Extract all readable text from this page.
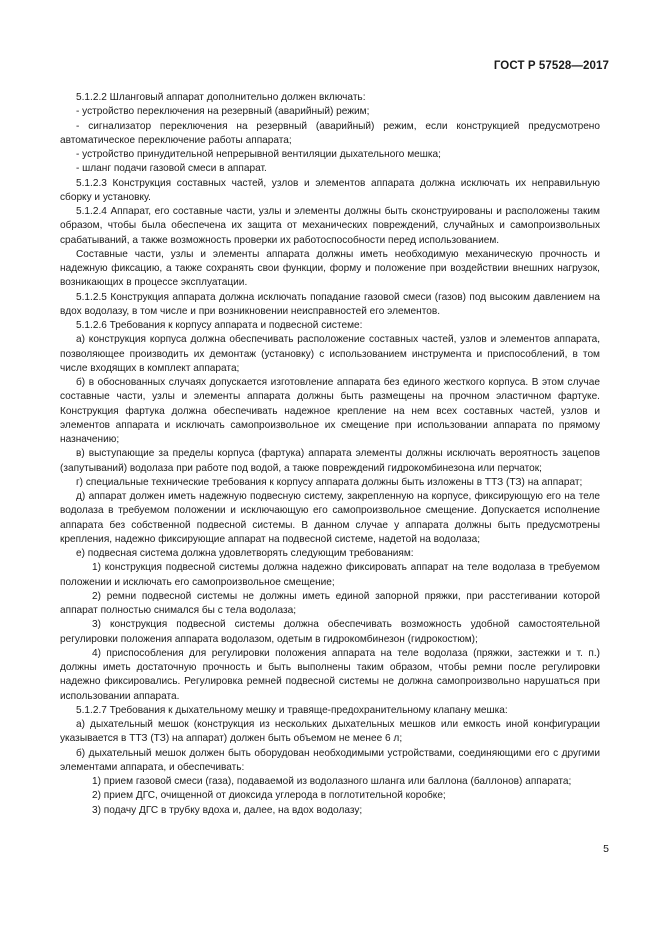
ГОСТ Р 57528—2017

5.1.2.2 Шланговый аппарат дополнительно должен включать:

- устройство переключения на резервный (аварийный) режим;

- сигнализатор переключения на резервный (аварийный) режим, если конструкцией предусмотрено автоматическое переключение работы аппарата;

- устройство принудительной непрерывной вентиляции дыхательного мешка;

- шланг подачи газовой смеси в аппарат.

5.1.2.3 Конструкция составных частей, узлов и элементов аппарата должна исключать их неправильную сборку и установку.

5.1.2.4 Аппарат, его составные части, узлы и элементы должны быть сконструированы и расположены таким образом, чтобы была обеспечена их защита от механических повреждений, случайных и самопроизвольных срабатываний, а также возможность проверки их работоспособности перед использованием.

Составные части, узлы и элементы аппарата должны иметь необходимую механическую прочность и надежную фиксацию, а также сохранять свои функции, форму и положение при воздействии внешних нагрузок, возникающих в процессе эксплуатации.

5.1.2.5 Конструкция аппарата должна исключать попадание газовой смеси (газов) под высоким давлением на вдох водолазу, в том числе и при возникновении неисправностей его элементов.

5.1.2.6 Требования к корпусу аппарата и подвесной системе:

а) конструкция корпуса должна обеспечивать расположение составных частей, узлов и элементов аппарата, позволяющее производить их демонтаж (установку) с использованием инструмента и приспособлений, в том числе входящих в комплект аппарата;

б) в обоснованных случаях допускается изготовление аппарата без единого жесткого корпуса. В этом случае составные части, узлы и элементы аппарата должны быть размещены на прочном эластичном фартуке. Конструкция фартука должна обеспечивать надежное крепление на нем всех составных частей, узлов и элементов аппарата и исключать самопроизвольное их смещение при использовании аппарата по прямому назначению;

в) выступающие за пределы корпуса (фартука) аппарата элементы должны исключать вероятность зацепов (запутываний) водолаза при работе под водой, а также повреждений гидрокомбинезона или перчаток;

г) специальные технические требования к корпусу аппарата должны быть изложены в ТТЗ (ТЗ) на аппарат;

д) аппарат должен иметь надежную подвесную систему, закрепленную на корпусе, фиксирующую его на теле водолаза в требуемом положении и исключающую его самопроизвольное смещение. Допускается исполнение аппарата без собственной подвесной системы. В данном случае у аппарата должны быть предусмотрены крепления, надежно фиксирующие аппарат на подвесной системе, надетой на водолаза;

е) подвесная система должна удовлетворять следующим требованиям:

1) конструкция подвесной системы должна надежно фиксировать аппарат на теле водолаза в требуемом положении и исключать его самопроизвольное смещение;

2) ремни подвесной системы не должны иметь единой запорной пряжки, при расстегивании которой аппарат полностью снимался бы с тела водолаза;

3) конструкция подвесной системы должна обеспечивать возможность удобной самостоятельной регулировки положения аппарата водолазом, одетым в гидрокомбинезон (гидрокостюм);

4) приспособления для регулировки положения аппарата на теле водолаза (пряжки, застежки и т. п.) должны иметь достаточную прочность и быть выполнены таким образом, чтобы ремни после регулировки надежно фиксировались. Регулировка ремней подвесной системы не должна самопроизвольно нарушаться при использовании аппарата.

5.1.2.7 Требования к дыхательному мешку и травяще-предохранительному клапану мешка:

а) дыхательный мешок (конструкция из нескольких дыхательных мешков или емкость иной конфигурации указывается в ТТЗ (ТЗ) на аппарат) должен быть объемом не менее 6 л;

б) дыхательный мешок должен быть оборудован необходимыми устройствами, соединяющими его с другими элементами аппарата, и обеспечивать:

1) прием газовой смеси (газа), подаваемой из водолазного шланга или баллона (баллонов) аппарата;

2) прием ДГС, очищенной от диоксида углерода в поглотительной коробке;

3) подачу ДГС в трубку вдоха и, далее, на вдох водолазу;

5
